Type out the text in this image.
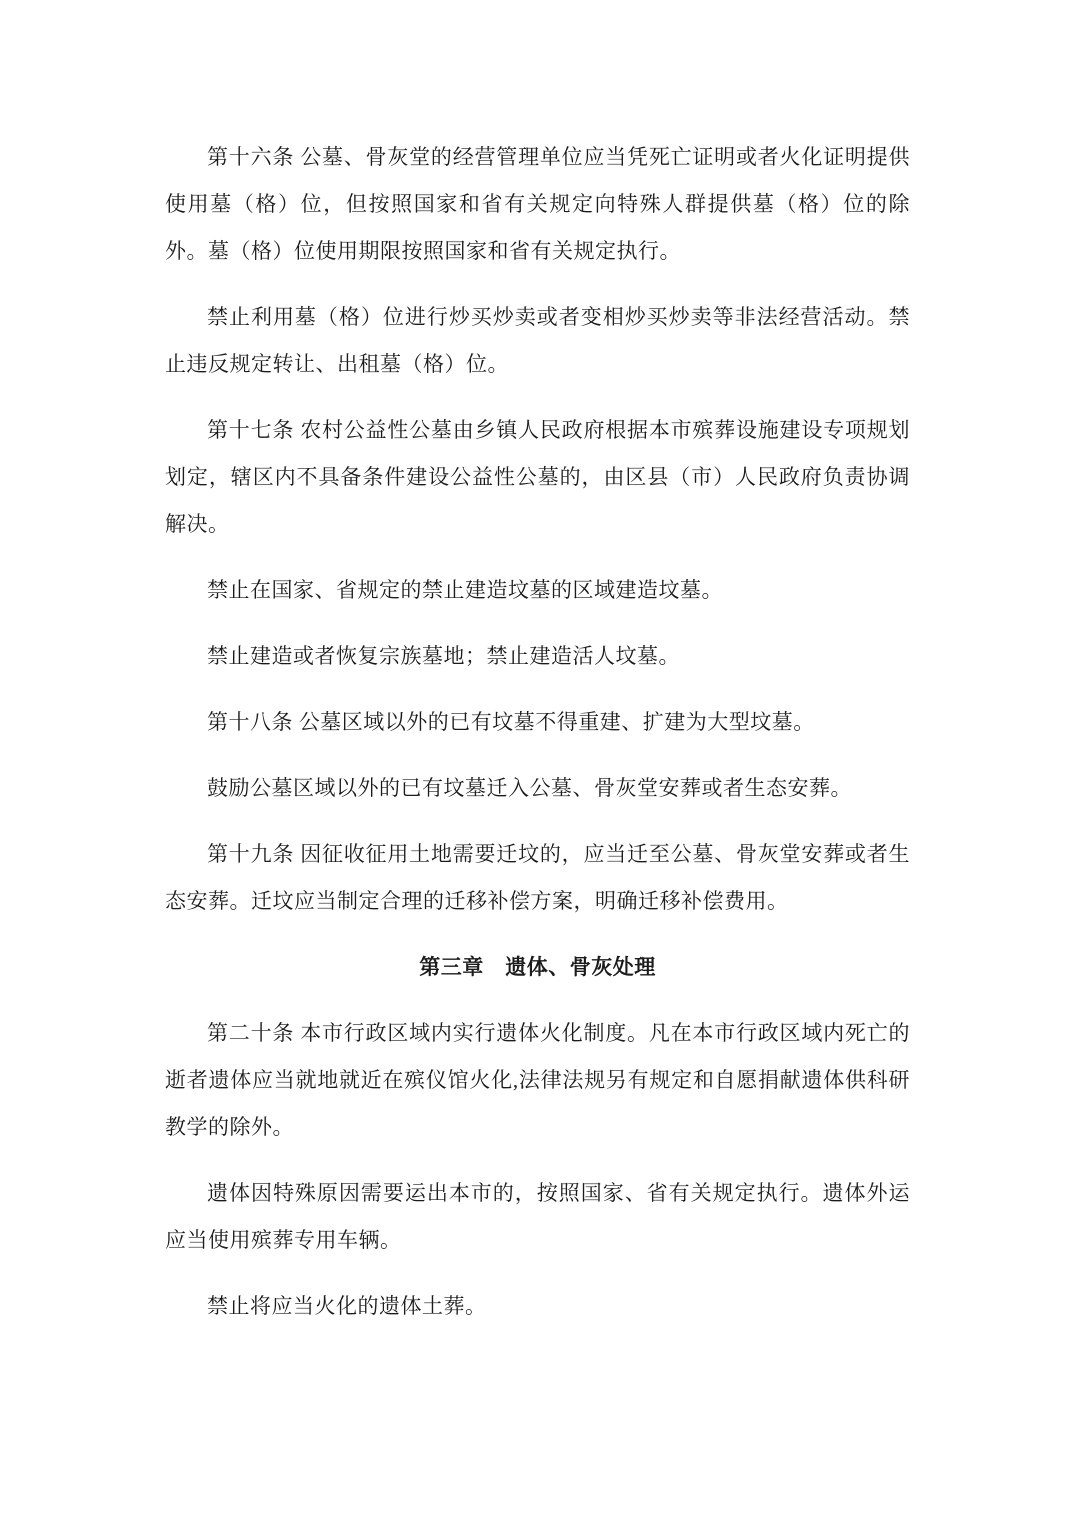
第十六条 公墓、骨灰堂的经营管理单位应当凭死亡证明或者火化证明提供使用墓（格）位，但按照国家和省有关规定向特殊人群提供墓（格）位的除外。墓（格）位使用期限按照国家和省有关规定执行。

禁止利用墓（格）位进行炒买炒卖或者变相炒买炒卖等非法经营活动。禁止违反规定转让、出租墓（格）位。

第十七条 农村公益性公墓由乡镇人民政府根据本市殡葬设施建设专项规划划定，辖区内不具备条件建设公益性公墓的，由区县（市）人民政府负责协调解决。

禁止在国家、省规定的禁止建造坟墓的区域建造坟墓。

禁止建造或者恢复宗族墓地；禁止建造活人坟墓。

第十八条 公墓区域以外的已有坟墓不得重建、扩建为大型坟墓。

鼓励公墓区域以外的已有坟墓迁入公墓、骨灰堂安葬或者生态安葬。

第十九条 因征收征用土地需要迁坟的，应当迁至公墓、骨灰堂安葬或者生态安葬。迁坟应当制定合理的迁移补偿方案，明确迁移补偿费用。

第三章　遗体、骨灰处理

第二十条 本市行政区域内实行遗体火化制度。凡在本市行政区域内死亡的逝者遗体应当就地就近在殡仪馆火化,法律法规另有规定和自愿捐献遗体供科研教学的除外。

遗体因特殊原因需要运出本市的，按照国家、省有关规定执行。遗体外运应当使用殡葬专用车辆。

禁止将应当火化的遗体土葬。
